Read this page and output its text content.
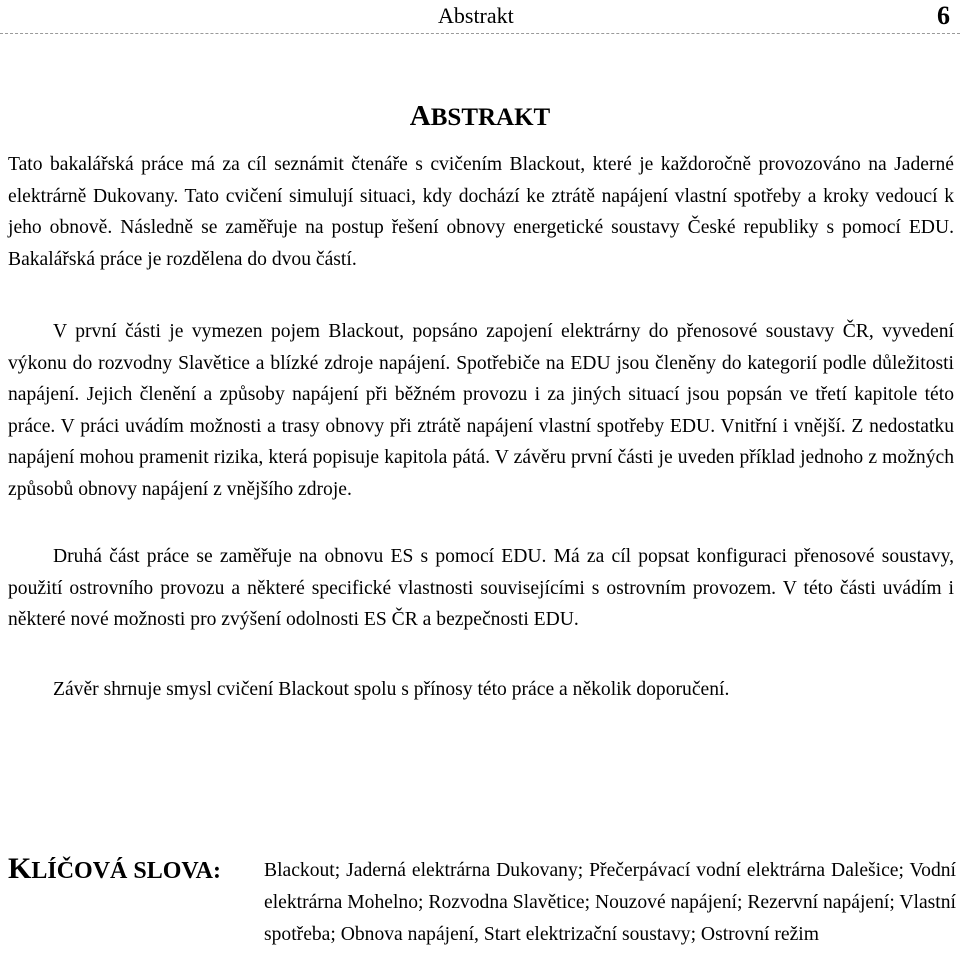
Abstrakt	6
ABSTRAKT

Tato bakalářská práce má za cíl seznámit čtenáře s cvičením Blackout, které je každoročně provozováno na Jaderné elektrárně Dukovany. Tato cvičení simulují situaci, kdy dochází ke ztrátě napájení vlastní spotřeby a kroky vedoucí k jeho obnově. Následně se zaměřuje na postup řešení obnovy energetické soustavy České republiky s pomocí EDU. Bakalářská práce je rozdělena do dvou částí.

V první části je vymezen pojem Blackout, popsáno zapojení elektrárny do přenosové soustavy ČR, vyvedení výkonu do rozvodny Slavětice a blízké zdroje napájení. Spotřebiče na EDU jsou členěny do kategorií podle důležitosti napájení. Jejich členění a způsoby napájení při běžném provozu i za jiných situací jsou popsán ve třetí kapitole této práce. V práci uvádím možnosti a trasy obnovy při ztrátě napájení vlastní spotřeby EDU. Vnitřní i vnější. Z nedostatku napájení mohou pramenit rizika, která popisuje kapitola pátá. V závěru první části je uveden příklad jednoho z možných způsobů obnovy napájení z vnějšího zdroje.

Druhá část práce se zaměřuje na obnovu ES s pomocí EDU. Má za cíl popsat konfiguraci přenosové soustavy, použití ostrovního provozu a některé specifické vlastnosti souvisejícími s ostrovním provozem. V této části uvádím i některé nové možnosti pro zvýšení odolnosti ES ČR a bezpečnosti EDU.

Závěr shrnuje smysl cvičení Blackout spolu s přínosy této práce a několik doporučení.

KLÍČOVÁ SLOVA: Blackout; Jaderná elektrárna Dukovany; Přečerpávací vodní elektrárna Dalešice; Vodní elektrárna Mohelno; Rozvodna Slavětice; Nouzové napájení; Rezervní napájení; Vlastní spotřeba; Obnova napájení, Start elektrizační soustavy; Ostrovní režim
